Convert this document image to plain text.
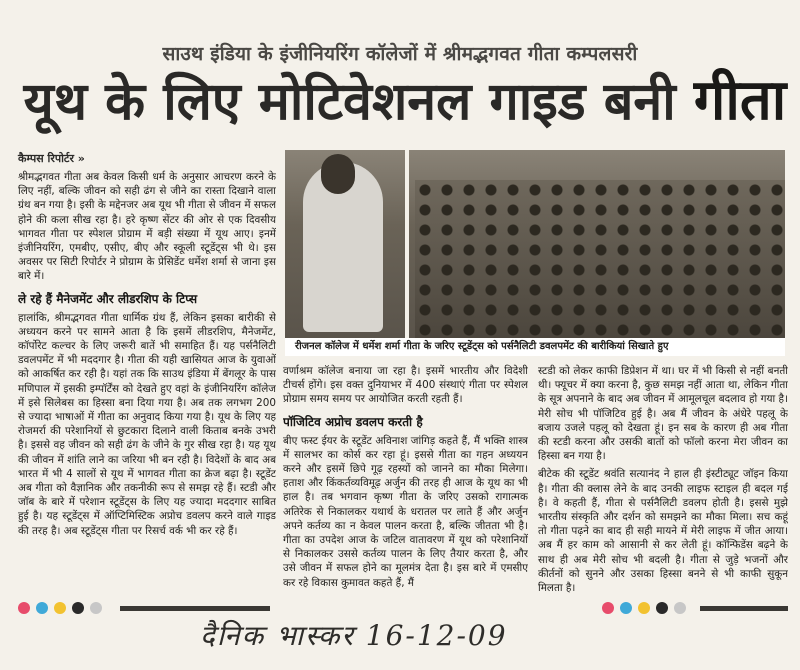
साउथ इंडिया के इंजीनियरिंग कॉलेजों में श्रीमद्भगवत गीता कम्पलसरी
यूथ के लिए मोटिवेशनल गाइड बनी गीता
कैम्पस रिपोर्टर »

श्रीमद्भगवत गीता अब केवल किसी धर्म के अनुसार आचरण करने के लिए नहीं, बल्कि जीवन को सही ढंग से जीने का रास्ता दिखाने वाला ग्रंथ बन गया है। इसी के मद्देनजर अब यूथ भी गीता से जीवन में सफल होने की कला सीख रहा है। हरे कृष्ण सेंटर की ओर से एक दिवसीय भागवत गीता पर स्पेशल प्रोग्राम में बड़ी संख्या में यूथ आए। इनमें इंजीनियरिंग, एमबीए, एसीए, बीए और स्कूली स्टूडेंट्स भी थे। इस अवसर पर सिटी रिपोर्टर ने प्रोग्राम के प्रेसिडेंट धर्मेश शर्मा से जाना इस बारे में।

ले रहे हैं मैनेजमेंट और लीडरशिप के टिप्स

हालांकि, श्रीमद्भगवत गीता धार्मिक ग्रंथ हैं, लेकिन इसका बारीकी से अध्ययन करने पर सामने आता है कि इसमें लीडरशिप, मैनेजमेंट, कॉर्पोरेट कल्चर के लिए जरूरी बातें भी समाहित हैं। यह पर्सनैलिटी डवलपमेंट में भी मददगार है। गीता की यही खासियत आज के युवाओं को आकर्षित कर रही है। यहां तक कि साउथ इंडिया में बेंगलूर के पास मणिपाल में इसकी इम्पॉर्टेंस को देखते हुए वहां के इंजीनियरिंग कॉलेज में इसे सिलेबस का हिस्सा बना दिया गया है। अब तक लगभग 200 से ज्यादा भाषाओं में गीता का अनुवाद किया गया है। यूथ के लिए यह रोजमर्रा की परेशानियों से छुटकारा दिलाने वाली किताब बनके उभरी है। इससे वह जीवन को सही ढंग के जीने के गुर सीख रहा है। यह यूथ की जीवन में शांति लाने का जरिया भी बन रही है। विदेशों के बाद अब भारत में भी 4 सालों से यूथ में भागवत गीता का क्रेज बढ़ा है। स्टूडेंट अब गीता को वैज्ञानिक और तकनीकी रूप से समझ रहे हैं। स्टडी और जॉब के बारे में परेशान स्टूडेंट्स के लिए यह ज्यादा मददगार साबित हुई है। यह स्टूडेंट्स में ऑप्टिमिस्टिक अप्रोच डवलप करने वाले गाइड की तरह है। अब स्टूडेंट्स गीता पर रिसर्च वर्क भी कर रहे हैं।

रीजनल कॉलेज में धर्मेश शर्मा गीता के जरिए स्टूडेंट्स को पर्सनैलिटी डवलपमेंट की बारीकियां सिखाते हुए

वर्णाश्रम कॉलेज बनाया जा रहा है। इसमें भारतीय और विदेशी टीचर्स होंगे। इस वक्त दुनियाभर में 400 संस्थाएं गीता पर स्पेशल प्रोग्राम समय समय पर आयोजित करती रहती हैं।

पॉजिटिव अप्रोच डवलप करती है

बीए फस्ट ईयर के स्टूडेंट अविनाश जांगिड़ कहते हैं, मैं भक्ति शास्त्र में सालभर का कोर्स कर रहा हूं। इससे गीता का गहन अध्ययन करने और इसमें छिपे गूढ़ रहस्यों को जानने का मौका मिलेगा। हताश और किंकर्तव्यविमूढ़ अर्जुन की तरह ही आज के यूथ का भी हाल है। तब भगवान कृष्ण गीता के जरिए उसको रागात्मक अतिरेक से निकालकर यथार्थ के धरातल पर लाते हैं और अर्जुन अपने कर्तव्य का न केवल पालन करता है, बल्कि जीतता भी है। गीता का उपदेश आज के जटिल वातावरण में यूथ को परेशानियों से निकालकर उससे कर्तव्य पालन के लिए तैयार करता है, और उसे जीवन में सफल होने का मूलमंत्र देता है। इस बारे में एमसीए कर रहे विकास कुमावत कहते हैं, मैं

स्टडी को लेकर काफी डिप्रेशन में था। घर में भी किसी से नहीं बनती थी। फ्यूचर में क्या करना है, कुछ समझ नहीं आता था, लेकिन गीता के सूत्र अपनाने के बाद अब जीवन में आमूलचूल बदलाव हो गया है। मेरी सोच भी पॉजिटिव हुई है। अब मैं जीवन के अंधेरे पहलू के बजाय उजले पहलू को देखता हूं। इन सब के कारण ही अब गीता की स्टडी करना और उसकी बातों को फॉलो करना मेरा जीवन का हिस्सा बन गया है।

बीटेक की स्टूडेंट श्रवंति सत्यानंद ने हाल ही इंस्टीट्यूट जॉइन किया है। गीता की क्लास लेने के बाद उनकी लाइफ स्टाइल ही बदल गई है। वे कहती हैं, गीता से पर्सनैलिटी डवलप होती है। इससे मुझे भारतीय संस्कृति और दर्शन को समझने का मौका मिला। सच कहूं तो गीता पढ़ने का बाद ही सही मायने में मेरी लाइफ में जीत आया। अब मैं हर काम को आसानी से कर लेती हूं। कॉन्फिडेंस बढ़ने के साथ ही अब मेरी सोच भी बदली है। गीता से जुड़े भजनों और कीर्तनों को सुनने और उसका हिस्सा बनने से भी काफी सुकून मिलता है।

दैनिक भास्कर 16-12-09
